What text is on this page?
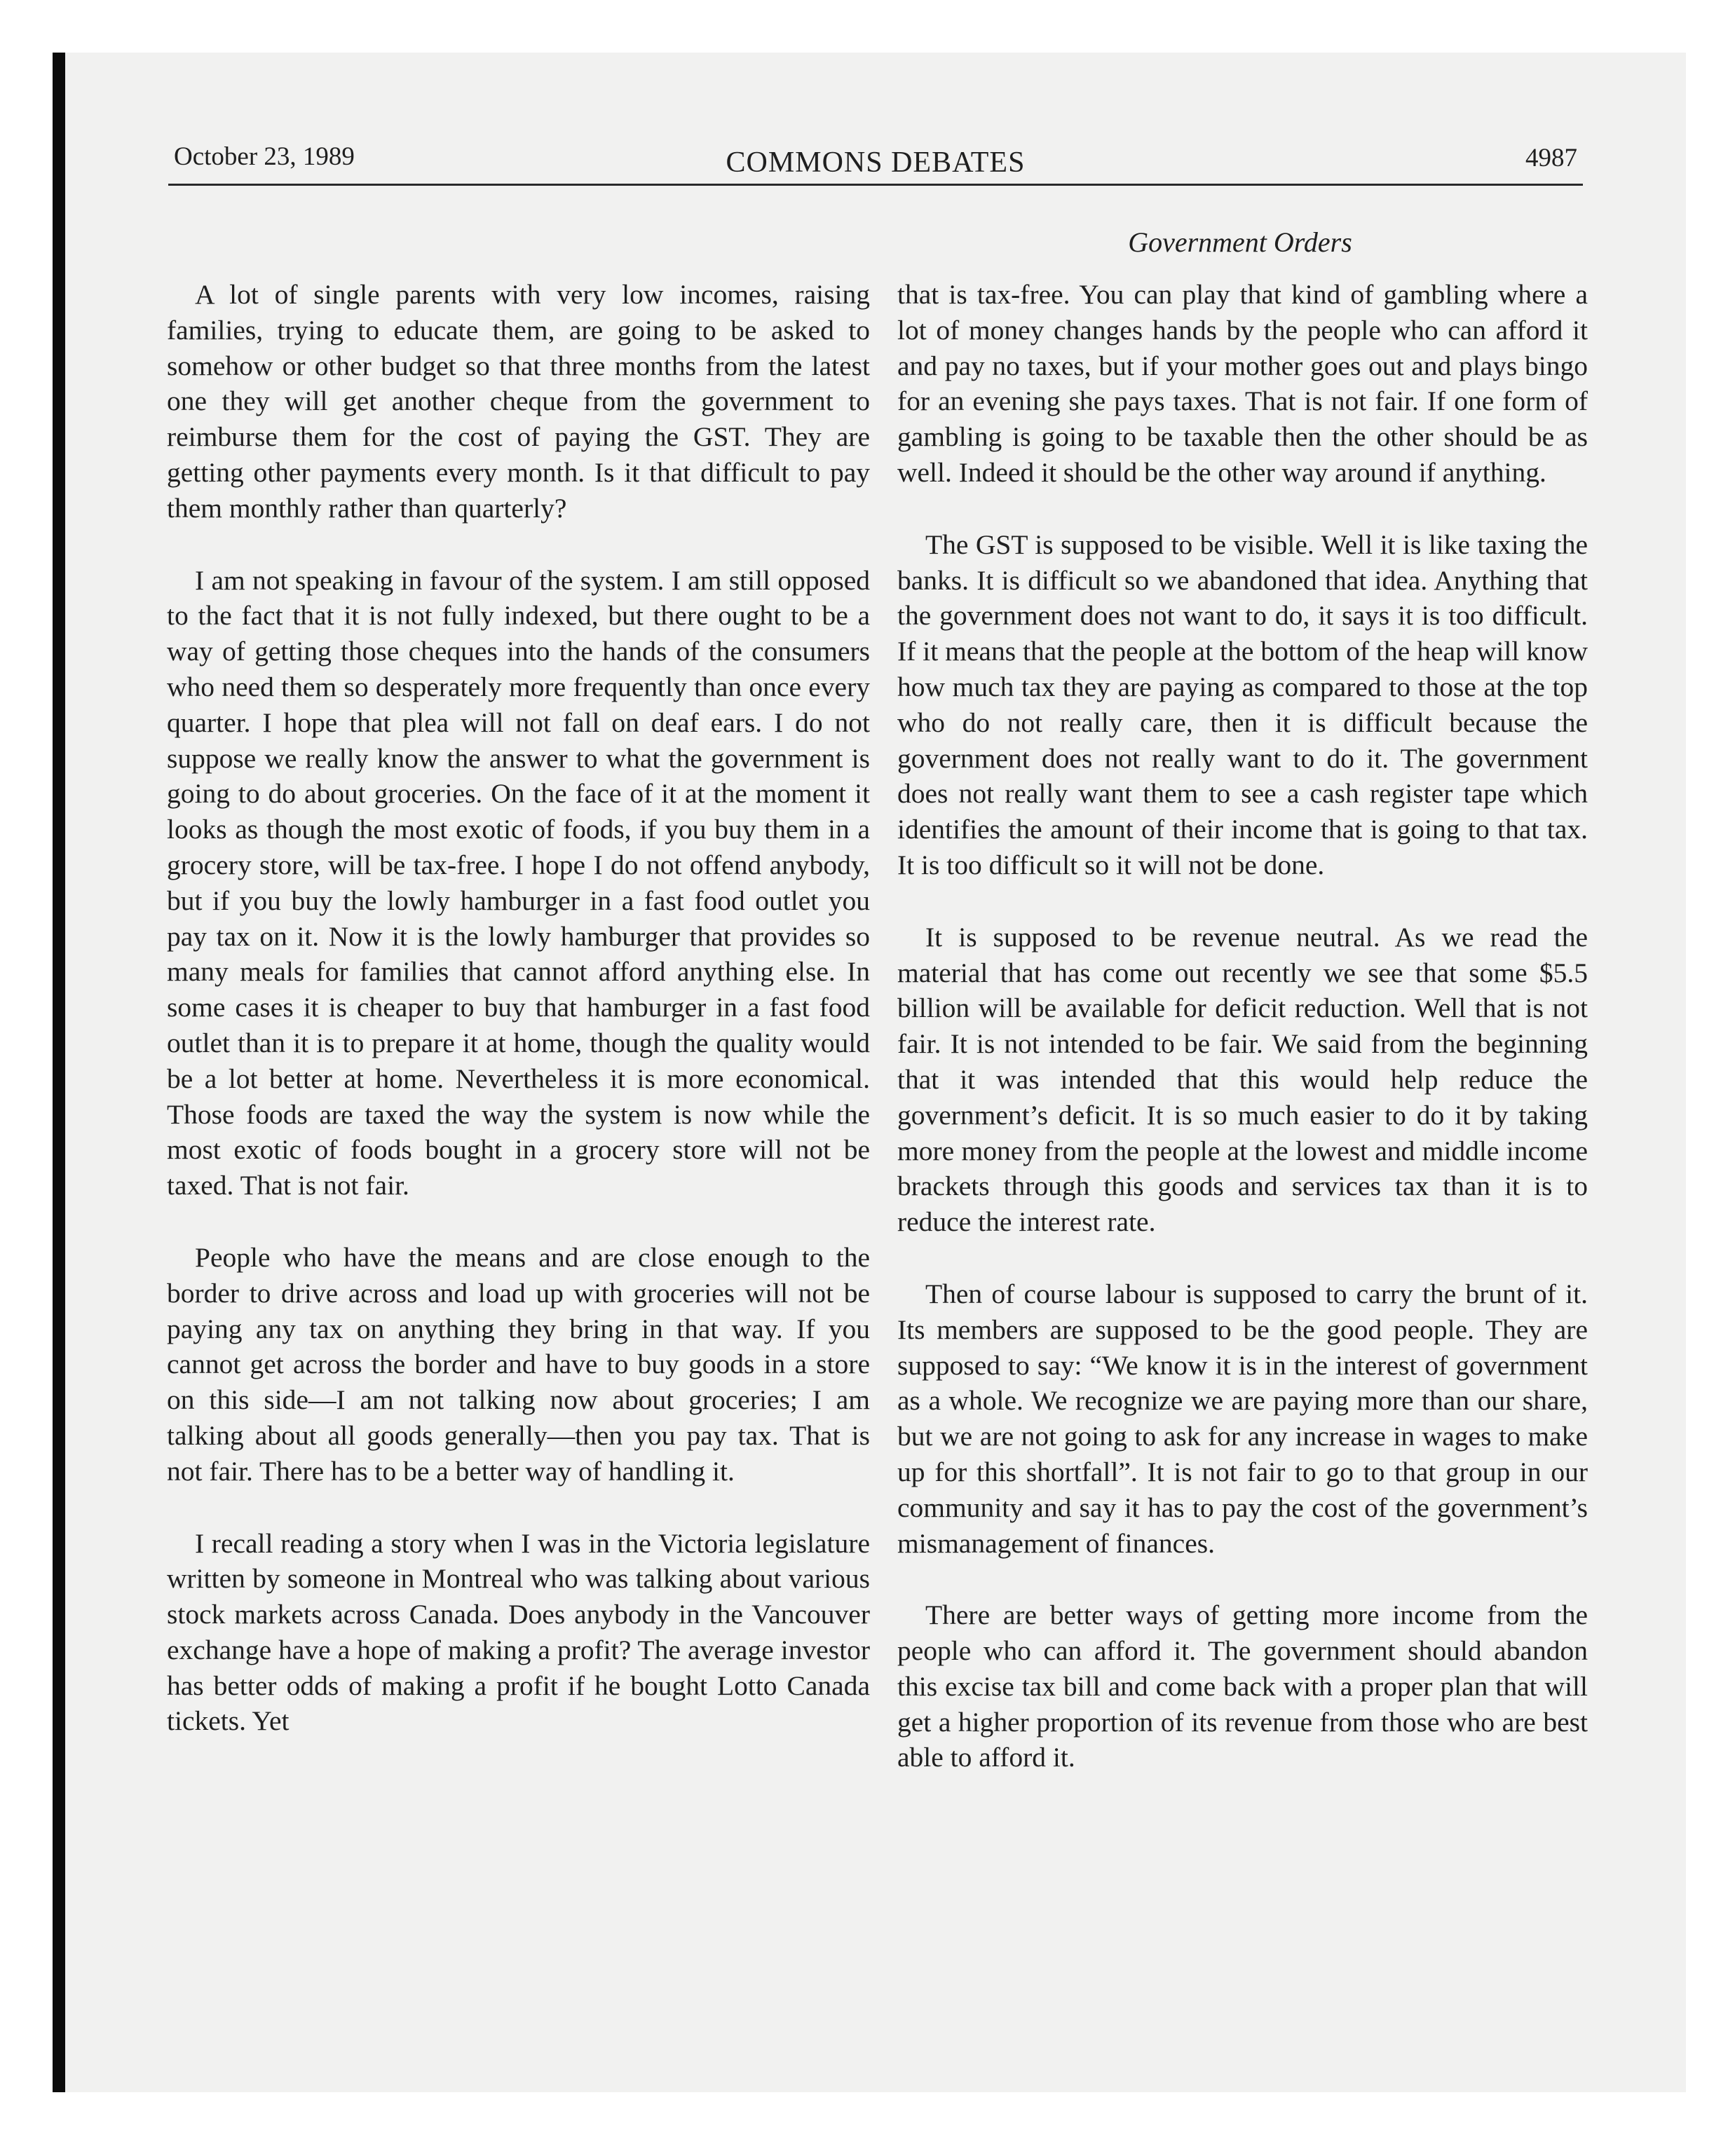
October 23, 1989	COMMONS DEBATES	4987
Government Orders

A lot of single parents with very low incomes, raising families, trying to educate them, are going to be asked to somehow or other budget so that three months from the latest one they will get another cheque from the government to reimburse them for the cost of paying the GST. They are getting other payments every month. Is it that difficult to pay them monthly rather than quarterly?

I am not speaking in favour of the system. I am still opposed to the fact that it is not fully indexed, but there ought to be a way of getting those cheques into the hands of the consumers who need them so desperately more frequently than once every quarter. I hope that plea will not fall on deaf ears. I do not suppose we really know the answer to what the government is going to do about groceries. On the face of it at the moment it looks as though the most exotic of foods, if you buy them in a grocery store, will be tax-free. I hope I do not offend anybody, but if you buy the lowly hamburger in a fast food outlet you pay tax on it. Now it is the lowly hamburger that provides so many meals for families that cannot afford anything else. In some cases it is cheaper to buy that hamburger in a fast food outlet than it is to prepare it at home, though the quality would be a lot better at home. Nevertheless it is more economical. Those foods are taxed the way the system is now while the most exotic of foods bought in a grocery store will not be taxed. That is not fair.

People who have the means and are close enough to the border to drive across and load up with groceries will not be paying any tax on anything they bring in that way. If you cannot get across the border and have to buy goods in a store on this side—I am not talking now about groceries; I am talking about all goods generally—then you pay tax. That is not fair. There has to be a better way of handling it.

I recall reading a story when I was in the Victoria legislature written by someone in Montreal who was talking about various stock markets across Canada. Does anybody in the Vancouver exchange have a hope of making a profit? The average investor has better odds of making a profit if he bought Lotto Canada tickets. Yet

that is tax-free. You can play that kind of gambling where a lot of money changes hands by the people who can afford it and pay no taxes, but if your mother goes out and plays bingo for an evening she pays taxes. That is not fair. If one form of gambling is going to be taxable then the other should be as well. Indeed it should be the other way around if anything.

The GST is supposed to be visible. Well it is like taxing the banks. It is difficult so we abandoned that idea. Anything that the government does not want to do, it says it is too difficult. If it means that the people at the bottom of the heap will know how much tax they are paying as compared to those at the top who do not really care, then it is difficult because the government does not really want to do it. The government does not really want them to see a cash register tape which identifies the amount of their income that is going to that tax. It is too difficult so it will not be done.

It is supposed to be revenue neutral. As we read the material that has come out recently we see that some $5.5 billion will be available for deficit reduction. Well that is not fair. It is not intended to be fair. We said from the beginning that it was intended that this would help reduce the government’s deficit. It is so much easier to do it by taking more money from the people at the lowest and middle income brackets through this goods and services tax than it is to reduce the interest rate.

Then of course labour is supposed to carry the brunt of it. Its members are supposed to be the good people. They are supposed to say: “We know it is in the interest of government as a whole. We recognize we are paying more than our share, but we are not going to ask for any increase in wages to make up for this shortfall”. It is not fair to go to that group in our community and say it has to pay the cost of the government’s mismanagement of finances.

There are better ways of getting more income from the people who can afford it. The government should abandon this excise tax bill and come back with a proper plan that will get a higher proportion of its revenue from those who are best able to afford it.
